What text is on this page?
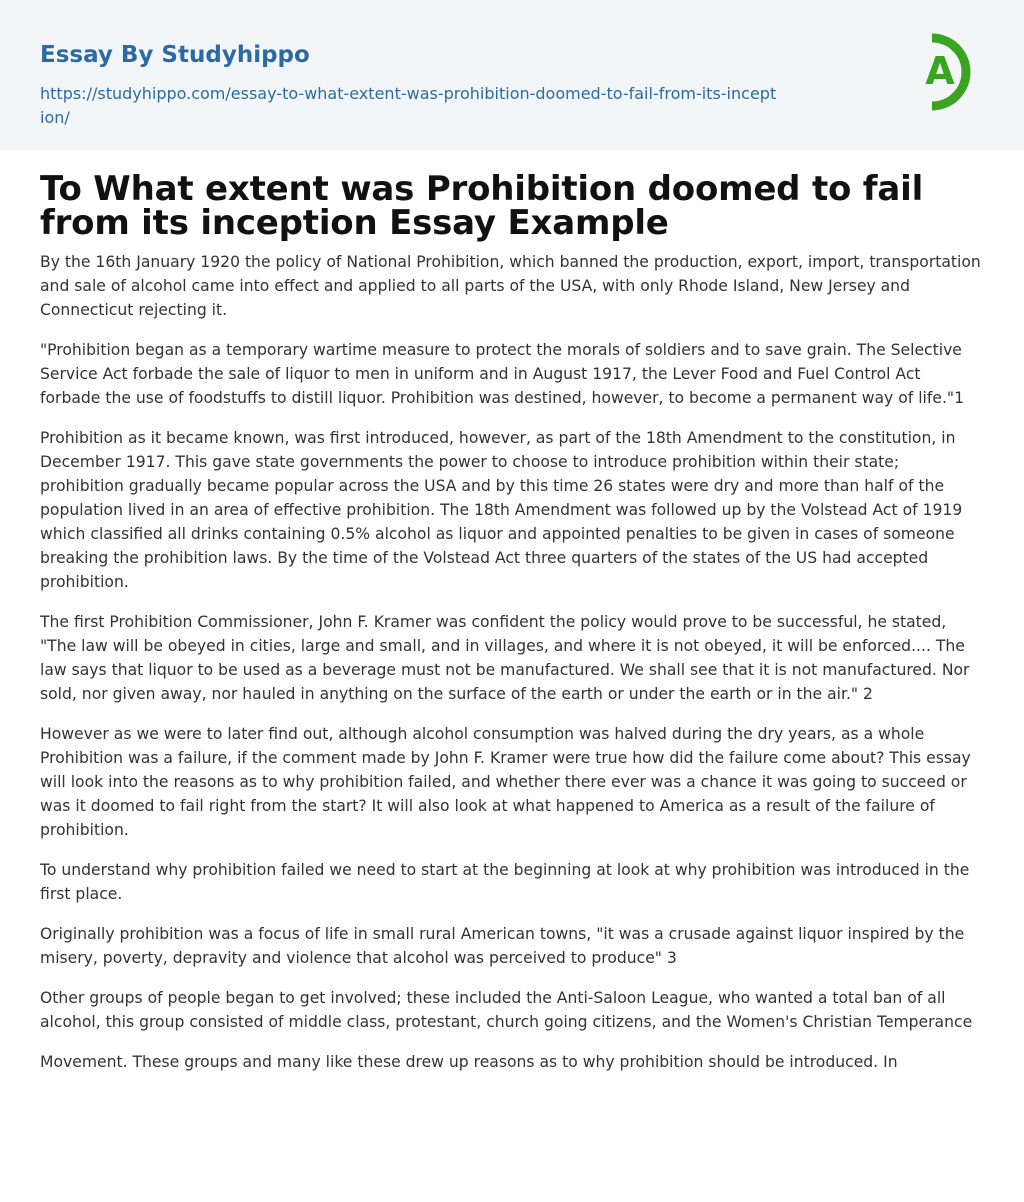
Essay By Studyhippo
https://studyhippo.com/essay-to-what-extent-was-prohibition-doomed-to-fail-from-its-inception/
A
To What extent was Prohibition doomed to fail from its inception Essay Example

By the 16th January 1920 the policy of National Prohibition, which banned the production, export, import, transportation and sale of alcohol came into effect and applied to all parts of the USA, with only Rhode Island, New Jersey and Connecticut rejecting it.

"Prohibition began as a temporary wartime measure to protect the morals of soldiers and to save grain. The Selective Service Act forbade the sale of liquor to men in uniform and in August 1917, the Lever Food and Fuel Control Act forbade the use of foodstuffs to distill liquor. Prohibition was destined, however, to become a permanent way of life."1

Prohibition as it became known, was first introduced, however, as part of the 18th Amendment to the constitution, in December 1917. This gave state governments the power to choose to introduce prohibition within their state; prohibition gradually became popular across the USA and by this time 26 states were dry and more than half of the population lived in an area of effective prohibition. The 18th Amendment was followed up by the Volstead Act of 1919 which classified all drinks containing 0.5% alcohol as liquor and appointed penalties to be given in cases of someone breaking the prohibition laws. By the time of the Volstead Act three quarters of the states of the US had accepted prohibition.

The first Prohibition Commissioner, John F. Kramer was confident the policy would prove to be successful, he stated, "The law will be obeyed in cities, large and small, and in villages, and where it is not obeyed, it will be enforced.... The law says that liquor to be used as a beverage must not be manufactured. We shall see that it is not manufactured. Nor sold, nor given away, nor hauled in anything on the surface of the earth or under the earth or in the air." 2

However as we were to later find out, although alcohol consumption was halved during the dry years, as a whole Prohibition was a failure, if the comment made by John F. Kramer were true how did the failure come about? This essay will look into the reasons as to why prohibition failed, and whether there ever was a chance it was going to succeed or was it doomed to fail right from the start? It will also look at what happened to America as a result of the failure of prohibition.

To understand why prohibition failed we need to start at the beginning at look at why prohibition was introduced in the first place.

Originally prohibition was a focus of life in small rural American towns, "it was a crusade against liquor inspired by the misery, poverty, depravity and violence that alcohol was perceived to produce" 3

Other groups of people began to get involved; these included the Anti-Saloon League, who wanted a total ban of all alcohol, this group consisted of middle class, protestant, church going citizens, and the Women's Christian Temperance

Movement. These groups and many like these drew up reasons as to why prohibition should be introduced. In
